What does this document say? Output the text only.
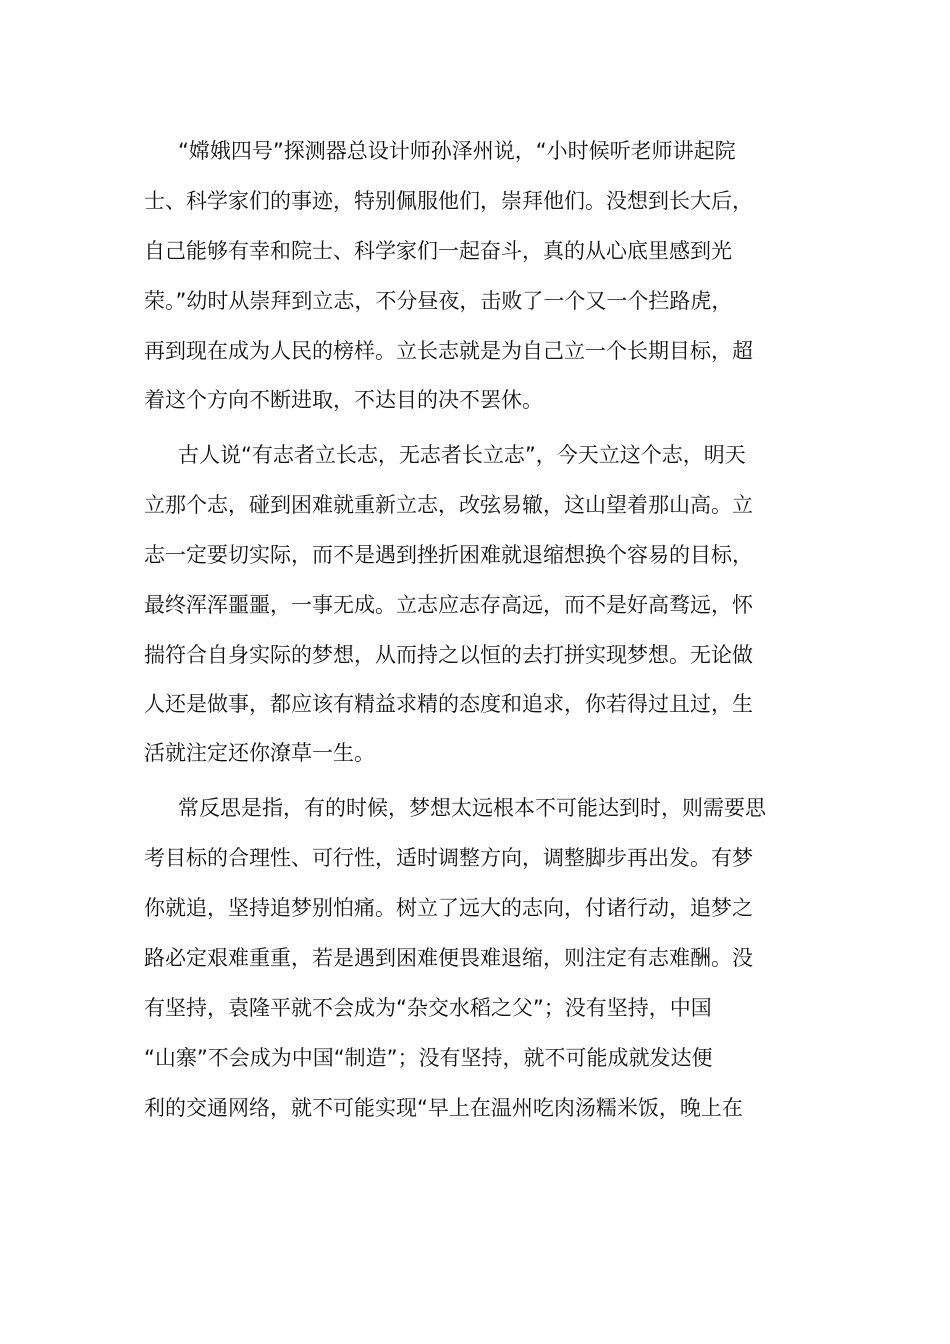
“嫦娥四号”探测器总设计师孙泽州说，“小时候听老师讲起院
士、科学家们的事迹，特别佩服他们，崇拜他们。没想到长大后，
自己能够有幸和院士、科学家们一起奋斗，真的从心底里感到光
荣。”幼时从崇拜到立志，不分昼夜，击败了一个又一个拦路虎，
再到现在成为人民的榜样。立长志就是为自己立一个长期目标，超
着这个方向不断进取，不达目的决不罢休。
古人说“有志者立长志，无志者长立志”，今天立这个志，明天
立那个志，碰到困难就重新立志，改弦易辙，这山望着那山高。立
志一定要切实际，而不是遇到挫折困难就退缩想换个容易的目标，
最终浑浑噩噩，一事无成。立志应志存高远，而不是好高骛远，怀
揣符合自身实际的梦想，从而持之以恒的去打拼实现梦想。无论做
人还是做事，都应该有精益求精的态度和追求，你若得过且过，生
活就注定还你潦草一生。
常反思是指，有的时候，梦想太远根本不可能达到时，则需要思
考目标的合理性、可行性，适时调整方向，调整脚步再出发。有梦
你就追，坚持追梦别怕痛。树立了远大的志向，付诸行动，追梦之
路必定艰难重重，若是遇到困难便畏难退缩，则注定有志难酬。没
有坚持，袁隆平就不会成为“杂交水稻之父”；没有坚持，中国
“山寨”不会成为中国“制造”；没有坚持，就不可能成就发达便
利的交通网络，就不可能实现“早上在温州吃肉汤糯米饭，晚上在
